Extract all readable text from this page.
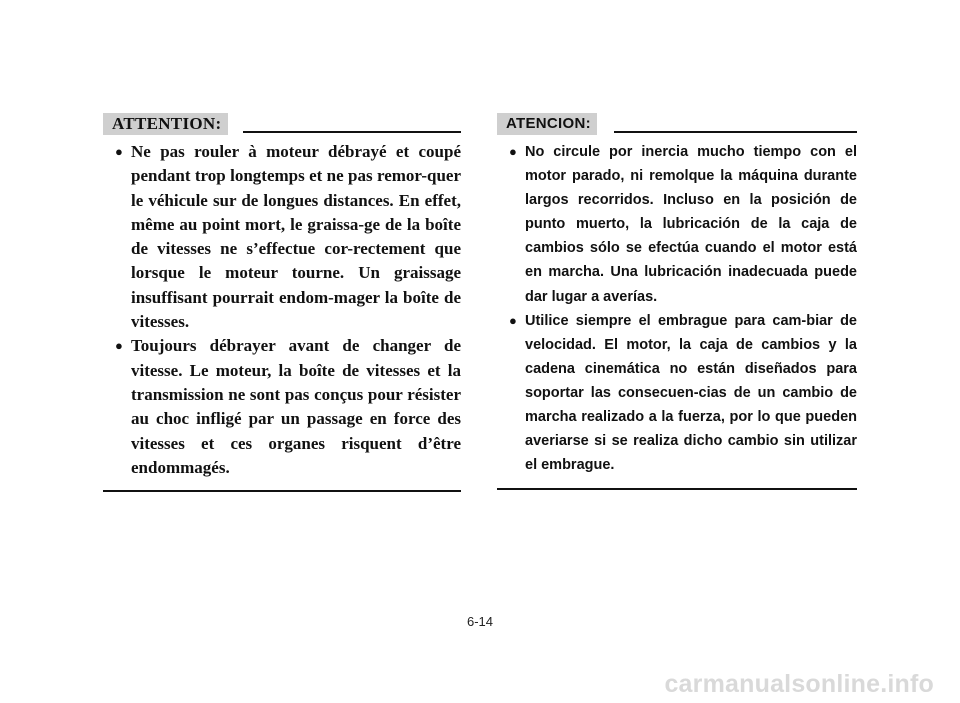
ATTENTION:
● Ne pas rouler à moteur débrayé et coupé pendant trop longtemps et ne pas remor-quer le véhicule sur de longues distances. En effet, même au point mort, le graissa-ge de la boîte de vitesses ne s’effectue cor-rectement que lorsque le moteur tourne. Un graissage insuffisant pourrait endom-mager la boîte de vitesses.
● Toujours débrayer avant de changer de vitesse. Le moteur, la boîte de vitesses et la transmission ne sont pas conçus pour résister au choc infligé par un passage en force des vitesses et ces organes risquent d’être endommagés.
ATENCION:
● No circule por inercia mucho tiempo con el motor parado, ni remolque la máquina durante largos recorridos. Incluso en la posición de punto muerto, la lubricación de la caja de cambios sólo se efectúa cuando el motor está en marcha. Una lubricación inadecuada puede dar lugar a averías.
● Utilice siempre el embrague para cam-biar de velocidad. El motor, la caja de cambios y la cadena cinemática no están diseñados para soportar las consecuen-cias de un cambio de marcha realizado a la fuerza, por lo que pueden averiarse si se realiza dicho cambio sin utilizar el embrague.
6-14
carmanualsonline.info
